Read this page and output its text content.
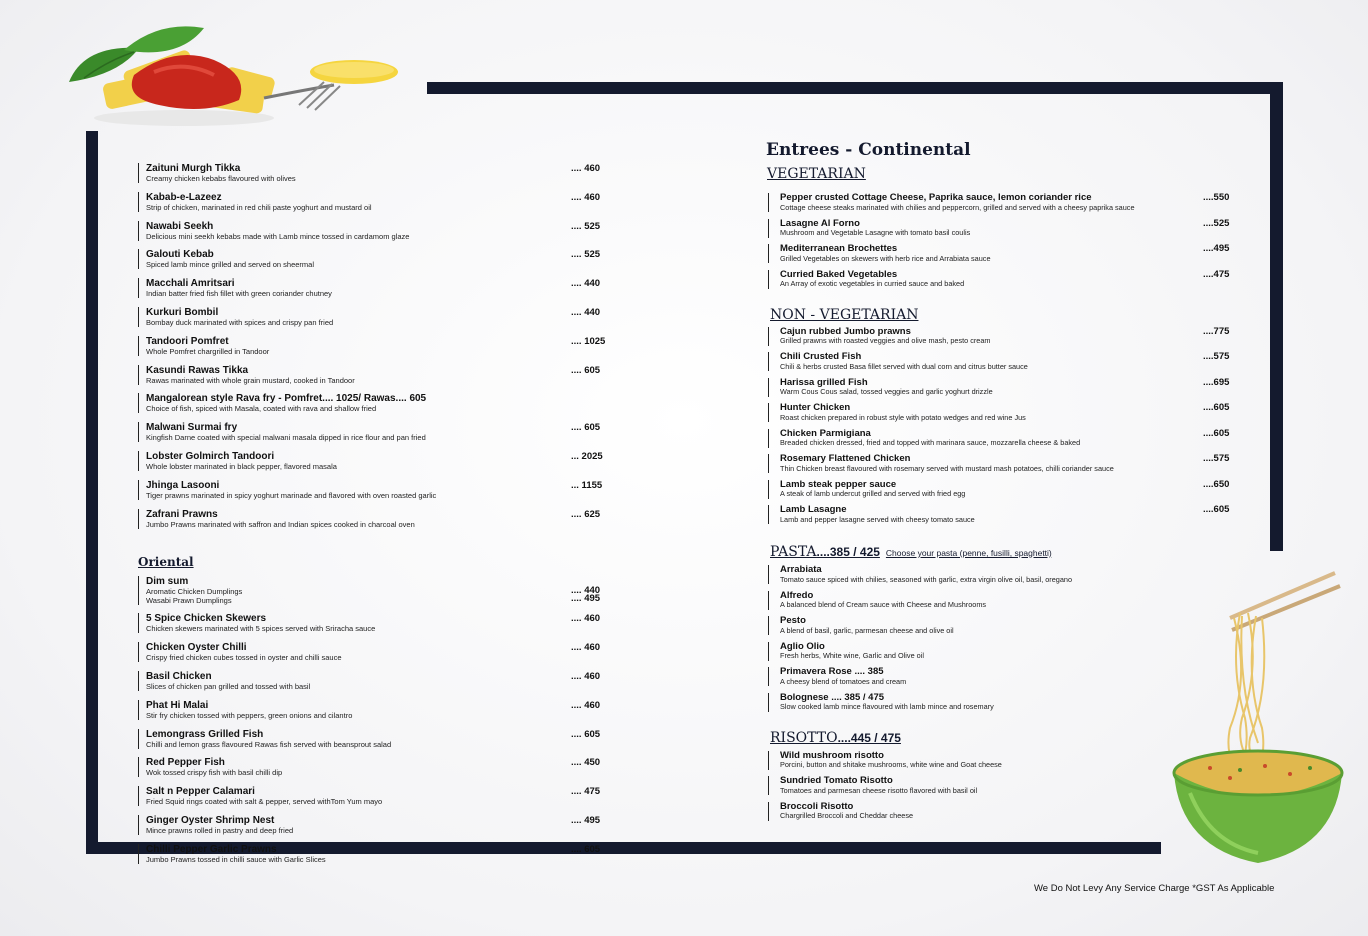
Zaituni Murgh Tikka
Creamy chicken kebabs flavoured with olives
.... 460
Kabab-e-Lazeez
Strip of chicken, marinated in red chili paste yoghurt and mustard oil
.... 460
Nawabi Seekh
Delicious mini seekh kebabs made with Lamb mince tossed in cardamom glaze
.... 525
Galouti Kebab
Spiced lamb mince grilled and served on sheermal
.... 525
Macchali Amritsari
Indian batter fried fish fillet with green coriander chutney
.... 440
Kurkuri Bombil
Bombay duck marinated with spices and crispy pan fried
.... 440
Tandoori Pomfret
Whole Pomfret chargrilled in Tandoor
.... 1025
Kasundi Rawas Tikka
Rawas marinated with whole grain mustard, cooked in Tandoor
.... 605
Mangalorean style Rava fry - Pomfret.... 1025/ Rawas.... 605
Choice of fish, spiced with Masala, coated with rava and shallow fried
Malwani Surmai fry
Kingfish Darne coated with special malwani masala dipped in rice flour and pan fried
.... 605
Lobster Golmirch Tandoori
Whole lobster marinated in black pepper, flavored masala
... 2025
Jhinga Lasooni
Tiger prawns marinated in spicy yoghurt marinade and flavored with oven roasted garlic
... 1155
Zafrani Prawns
Jumbo Prawns marinated with saffron and Indian spices cooked in charcoal oven
.... 625
Oriental
Dim sum
Aromatic Chicken Dumplings
Wasabi Prawn Dumplings
.... 440
.... 495
5 Spice Chicken Skewers
Chicken skewers marinated with 5 spices served with Sriracha sauce
.... 460
Chicken Oyster Chilli
Crispy fried chicken cubes tossed in oyster and chilli sauce
.... 460
Basil Chicken
Slices of chicken pan grilled and tossed with basil
.... 460
Phat Hi Malai
Stir fry chicken tossed with peppers, green onions and cilantro
.... 460
Lemongrass Grilled Fish
Chilli and lemon grass flavoured Rawas fish served with beansprout salad
.... 605
Red Pepper Fish
Wok tossed crispy fish with basil chilli dip
.... 450
Salt n Pepper Calamari
Fried Squid rings coated with salt & pepper, served withTom Yum mayo
.... 475
Ginger Oyster Shrimp Nest
Mince prawns rolled in pastry and deep fried
.... 495
Chilli Pepper Garlic Prawns
Jumbo Prawns tossed in chilli sauce with Garlic Slices
.... 605
Entrees - Continental
VEGETARIAN
Pepper crusted Cottage Cheese, Paprika sauce, lemon coriander rice
Cottage cheese steaks marinated with chilies and peppercorn, grilled and served with a cheesy paprika sauce
....550
Lasagne Al Forno
Mushroom and Vegetable Lasagne with tomato basil coulis
....525
Mediterranean Brochettes
Grilled Vegetables on skewers with herb rice and Arrabiata sauce
....495
Curried Baked Vegetables
An Array of exotic vegetables in curried sauce and baked
....475
NON - VEGETARIAN
Cajun rubbed Jumbo prawns
Grilled prawns with roasted veggies and olive mash, pesto cream
....775
Chili Crusted Fish
Chili & herbs crusted Basa fillet served with dual corn and citrus butter sauce
....575
Harissa grilled Fish
Warm Cous Cous salad, tossed veggies and garlic yoghurt drizzle
....695
Hunter Chicken
Roast chicken prepared in robust style with potato wedges and red wine Jus
....605
Chicken Parmigiana
Breaded chicken dressed, fried and topped with marinara sauce, mozzarella cheese & baked
....605
Rosemary Flattened Chicken
Thin Chicken breast flavoured with rosemary served with mustard mash potatoes, chilli coriander sauce
....575
Lamb steak pepper sauce
A steak of lamb undercut grilled and served with fried egg
....650
Lamb Lasagne
Lamb and pepper lasagne served with cheesy tomato sauce
....605
PASTA....385 / 425 Choose your pasta (penne, fusilli, spaghetti)
Arrabiata
Tomato sauce spiced with chilies, seasoned with garlic, extra virgin olive oil, basil, oregano
Alfredo
A balanced blend of Cream sauce with Cheese and Mushrooms
Pesto
A blend of basil, garlic, parmesan cheese and olive oil
Aglio Olio
Fresh herbs, White wine, Garlic and Olive oil
Primavera Rose .... 385
A cheesy blend of tomatoes and cream
Bolognese .... 385 / 475
Slow cooked lamb mince flavoured with lamb mince and rosemary
RISOTTO....445 / 475
Wild mushroom risotto
Porcini, button and shitake mushrooms, white wine and Goat cheese
Sundried Tomato Risotto
Tomatoes and parmesan cheese risotto flavored with basil oil
Broccoli Risotto
Chargrilled Broccoli and Cheddar cheese
We Do Not Levy Any Service Charge *GST As Applicable
